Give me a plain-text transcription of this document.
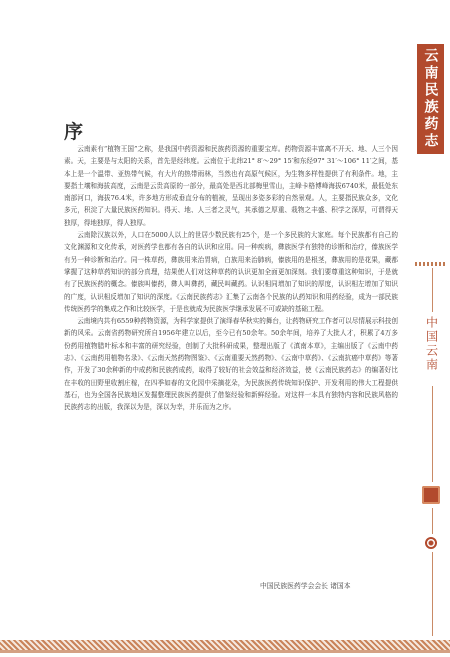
云南民族药志
中国云南
序

云南素有“植物王国”之称，是我国中药资源和民族药资源的重要宝库。药物资源丰富离不开天、地、人三个因素。天，主要是与太阳的关系，首先是经纬度。云南位于北纬21° 8′～29° 15′和东经97° 31′～106° 11′之间，基本上是一个温带、亚热带气候，有大片的热带雨林，当然也有高原气候区，为生物多样性提供了有利条件。地，主要指土壤和海拔高度，云南是云贵高原的一部分，最高处是西北部梅里雪山，主峰卡格博峰海拔6740米，最低处东南部河口，海拔76.4米，许多地方形成垂直分布的植被，呈现出多姿多彩的自然景观。人，主要指民族众多，文化多元，积淀了大量民族医药知识。得天、地、人三者之灵气，其承德之厚重、栽物之丰盛、积学之深厚，可谓得天独厚，得地独厚，得人独厚。

云南除汉族以外，人口在5000人以上的世居少数民族有25个，是一个多民族的大家庭。每个民族都有自己的文化渊源和文化传承，对医药学也都有各自的认识和应用。同一种疾病，彝族医学有独特的诊断和治疗，傣族医学有另一种诊断和治疗。同一株草药，彝族用来治胃病，白族用来治肺病，傣族用的是根茎，彝族用的是花果，藏都掌握了这种草药知识的部分真理，结果使人们对这种草药的认识更加全面更加深刻。我们要尊重这种知识，于是就有了民族医药的概念。傣族叫傣药，彝人叫彝药，藏民叫藏药。认识相同增加了知识的厚度，认识相左增加了知识的广度，认识相反增加了知识的深度。《云南民族药志》汇集了云南各个民族的认药知识和用药经验，成为一部民族传统医药学的集成之作和比较医学，于是也就成为民族医学继承发展不可或缺的基础工程。

云南境内共有6559种药物资源，为科学家提供了演绎春华秋实的舞台，让药物研究工作者可以尽情展示科技创新的风采。云南省药物研究所自1956年建立以后，至今已有50余年。50余年间，培养了大批人才，积累了4万多份药用植物腊叶标本和丰富的研究经验，创制了大批科研成果，整理出版了《滇南本草》，主编出版了《云南中药志》、《云南药用植物名录》、《云南天然药物图鉴》、《云南重要天然药物》、《云南中草药》、《云南抗癌中草药》等著作，开发了30余种新的中成药和民族药成药，取得了较好的社会效益和经济效益，使《云南民族药志》的编著好比在丰收的田野里收割庄稼，在四季如春的文化园中采摘花朵，为民族医药传统知识保护、开发利用的伟大工程提供基石，也为全国各民族地区发掘整理民族医药提供了借鉴经验和新鲜经验。对这样一本具有独特内容和民族风格的民族药志的出版，我深以为是，深以为幸，并乐而为之序。

中国民族医药学会会长 诸国本
